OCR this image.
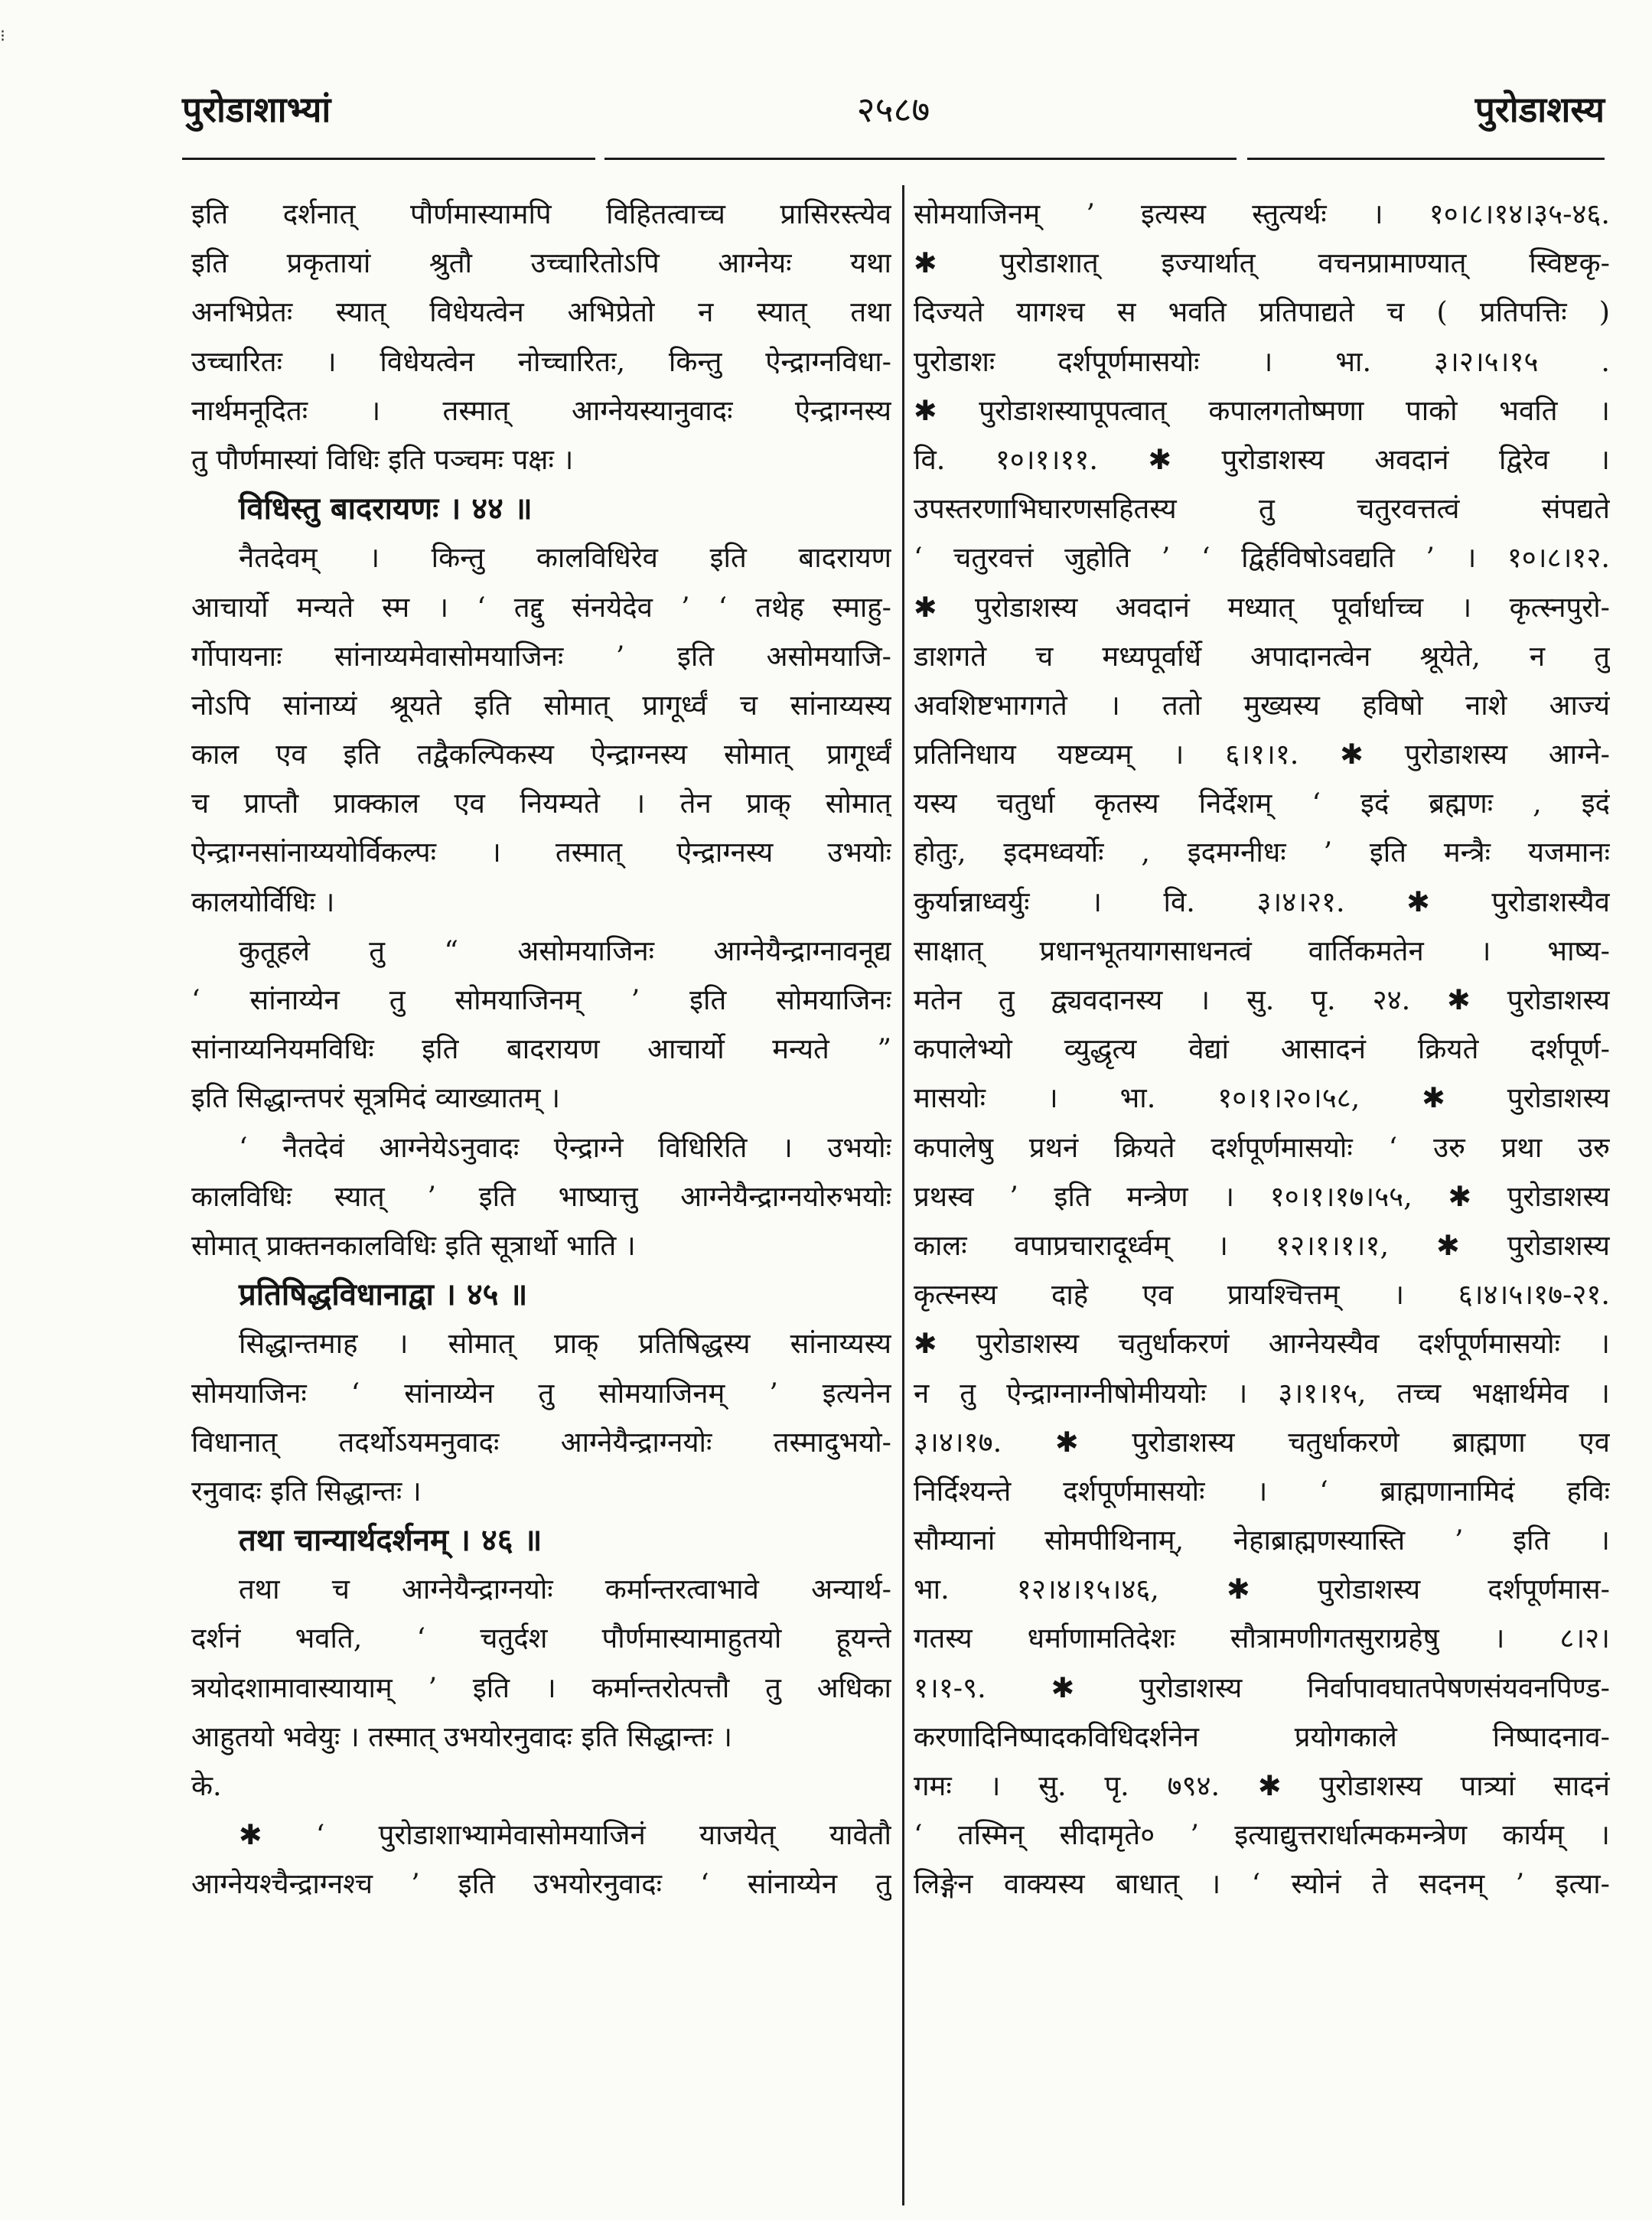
⁝
पुरोडाशाभ्यां	२५८७	पुरोडाशस्य
इति दर्शनात् पौर्णमास्यामपि विहितत्वाच्च प्रासिरस्त्येव
इति प्रकृतायां श्रुतौ उच्चारितोऽपि आग्नेयः यथा
अनभिप्रेतः स्यात् विधेयत्वेन अभिप्रेतो न स्यात् तथा
उच्चारितः । विधेयत्वेन नोच्चारितः, किन्तु ऐन्द्राग्नविधा-
नार्थमनूदितः । तस्मात् आग्नेयस्यानुवादः ऐन्द्राग्नस्य
तु पौर्णमास्यां विधिः इति पञ्चमः पक्षः ।
विधिस्तु बादरायणः । ४४ ॥
नैतदेवम् । किन्तु कालविधिरेव इति बादरायण
आचार्यो मन्यते स्म । ‘ तद्दु संनयेदेव ’ ‘ तथेह स्माहु-
र्गोपायनाः सांनाय्यमेवासोमयाजिनः ’ इति असोमयाजि-
नोऽपि सांनाय्यं श्रूयते इति सोमात् प्रागूर्ध्वं च सांनाय्यस्य
काल एव इति तद्वैकल्पिकस्य ऐन्द्राग्नस्य सोमात् प्रागूर्ध्वं
च प्राप्तौ प्राक्काल एव नियम्यते । तेन प्राक् सोमात्
ऐन्द्राग्नसांनाय्ययोर्विकल्पः । तस्मात् ऐन्द्राग्नस्य उभयोः
कालयोर्विधिः ।
कुतूहले तु “ असोमयाजिनः आग्नेयैन्द्राग्नावनूद्य
‘ सांनाय्येन तु सोमयाजिनम् ’ इति सोमयाजिनः
सांनाय्यनियमविधिः इति बादरायण आचार्यो मन्यते ”
इति सिद्धान्तपरं सूत्रमिदं व्याख्यातम् ।
‘ नैतदेवं आग्नेयेऽनुवादः ऐन्द्राग्ने विधिरिति । उभयोः
कालविधिः स्यात् ’ इति भाष्यात्तु आग्नेयैन्द्राग्नयोरुभयोः
सोमात् प्राक्तनकालविधिः इति सूत्रार्थो भाति ।
प्रतिषिद्धविधानाद्वा । ४५ ॥
सिद्धान्तमाह । सोमात् प्राक् प्रतिषिद्धस्य सांनाय्यस्य
सोमयाजिनः ‘ सांनाय्येन तु सोमयाजिनम् ’ इत्यनेन
विधानात् तदर्थोऽयमनुवादः आग्नेयैन्द्राग्नयोः तस्मादुभयो-
रनुवादः इति सिद्धान्तः ।
तथा चान्यार्थदर्शनम् । ४६ ॥
तथा च आग्नेयैन्द्राग्नयोः कर्मान्तरत्वाभावे अन्यार्थ-
दर्शनं भवति, ‘ चतुर्दश पौर्णमास्यामाहुतयो हूयन्ते
त्रयोदशामावास्यायाम् ’ इति । कर्मान्तरोत्पत्तौ तु अधिका
आहुतयो भवेयुः । तस्मात् उभयोरनुवादः इति सिद्धान्तः ।
के.
✱ ‘ पुरोडाशाभ्यामेवासोमयाजिनं याजयेत् यावेतौ
आग्नेयश्चैन्द्राग्नश्च ’ इति उभयोरनुवादः ‘ सांनाय्येन तु
सोमयाजिनम् ’ इत्यस्य स्तुत्यर्थः । १०।८।१४।३५-४६.
✱ पुरोडाशात् इज्यार्थात् वचनप्रामाण्यात् स्विष्टकृ-
दिज्यते यागश्च स भवति प्रतिपाद्यते च ( प्रतिपत्तिः )
पुरोडाशः दर्शपूर्णमासयोः । भा. ३।२।५।१५ .
✱ पुरोडाशस्यापूपत्वात् कपालगतोष्मणा पाको भवति ।
वि. १०।१।११. ✱ पुरोडाशस्य अवदानं द्विरेव ।
उपस्तरणाभिघारणसहितस्य तु चतुरवत्तत्वं संपद्यते
‘ चतुरवत्तं जुहोति ’ ‘ द्विर्हविषोऽवद्यति ’ । १०।८।१२.
✱ पुरोडाशस्य अवदानं मध्यात् पूर्वार्धाच्च । कृत्स्नपुरो-
डाशगते च मध्यपूर्वार्धे अपादानत्वेन श्रूयेते, न तु
अवशिष्टभागगते । ततो मुख्यस्य हविषो नाशे आज्यं
प्रतिनिधाय यष्टव्यम् । ६।१।१. ✱ पुरोडाशस्य आग्ने-
यस्य चतुर्धा कृतस्य निर्देशम् ‘ इदं ब्रह्मणः , इदं
होतुः, इदमध्वर्योः , इदमग्नीधः ’ इति मन्त्रैः यजमानः
कुर्यान्नाध्वर्युः । वि. ३।४।२१. ✱ पुरोडाशस्यैव
साक्षात् प्रधानभूतयागसाधनत्वं वार्तिकमतेन । भाष्य-
मतेन तु द्व्यवदानस्य । सु. पृ. २४. ✱ पुरोडाशस्य
कपालेभ्यो व्युद्धृत्य वेद्यां आसादनं क्रियते दर्शपूर्ण-
मासयोः । भा. १०।१।२०।५८, ✱ पुरोडाशस्य
कपालेषु प्रथनं क्रियते दर्शपूर्णमासयोः ‘ उरु प्रथा उरु
प्रथस्व ’ इति मन्त्रेण । १०।१।१७।५५, ✱ पुरोडाशस्य
कालः वपाप्रचारादूर्ध्वम् । १२।१।१।१, ✱ पुरोडाशस्य
कृत्स्नस्य दाहे एव प्रायश्चित्तम् । ६।४।५।१७-२१.
✱ पुरोडाशस्य चतुर्धाकरणं आग्नेयस्यैव दर्शपूर्णमासयोः ।
न तु ऐन्द्राग्नाग्नीषोमीययोः । ३।१।१५, तच्च भक्षार्थमेव ।
३।४।१७. ✱ पुरोडाशस्य चतुर्धाकरणे ब्राह्मणा एव
निर्दिश्यन्ते दर्शपूर्णमासयोः । ‘ ब्राह्मणानामिदं हविः
सौम्यानां सोमपीथिनाम्, नेहाब्राह्मणस्यास्ति ’ इति ।
भा. १२।४।१५।४६, ✱ पुरोडाशस्य दर्शपूर्णमास-
गतस्य धर्माणामतिदेशः सौत्रामणीगतसुराग्रहेषु । ८।२।
१।१-९. ✱ पुरोडाशस्य निर्वापावघातपेषणसंयवनपिण्ड-
करणादिनिष्पादकविधिदर्शनेन प्रयोगकाले निष्पादनाव-
गमः । सु. पृ. ७९४. ✱ पुरोडाशस्य पात्र्यां सादनं
‘ तस्मिन् सीदामृते० ’ इत्याद्युत्तरार्धात्मकमन्त्रेण कार्यम् ।
लिङ्गेन वाक्यस्य बाधात् । ‘ स्योनं ते सदनम् ’ इत्या-
